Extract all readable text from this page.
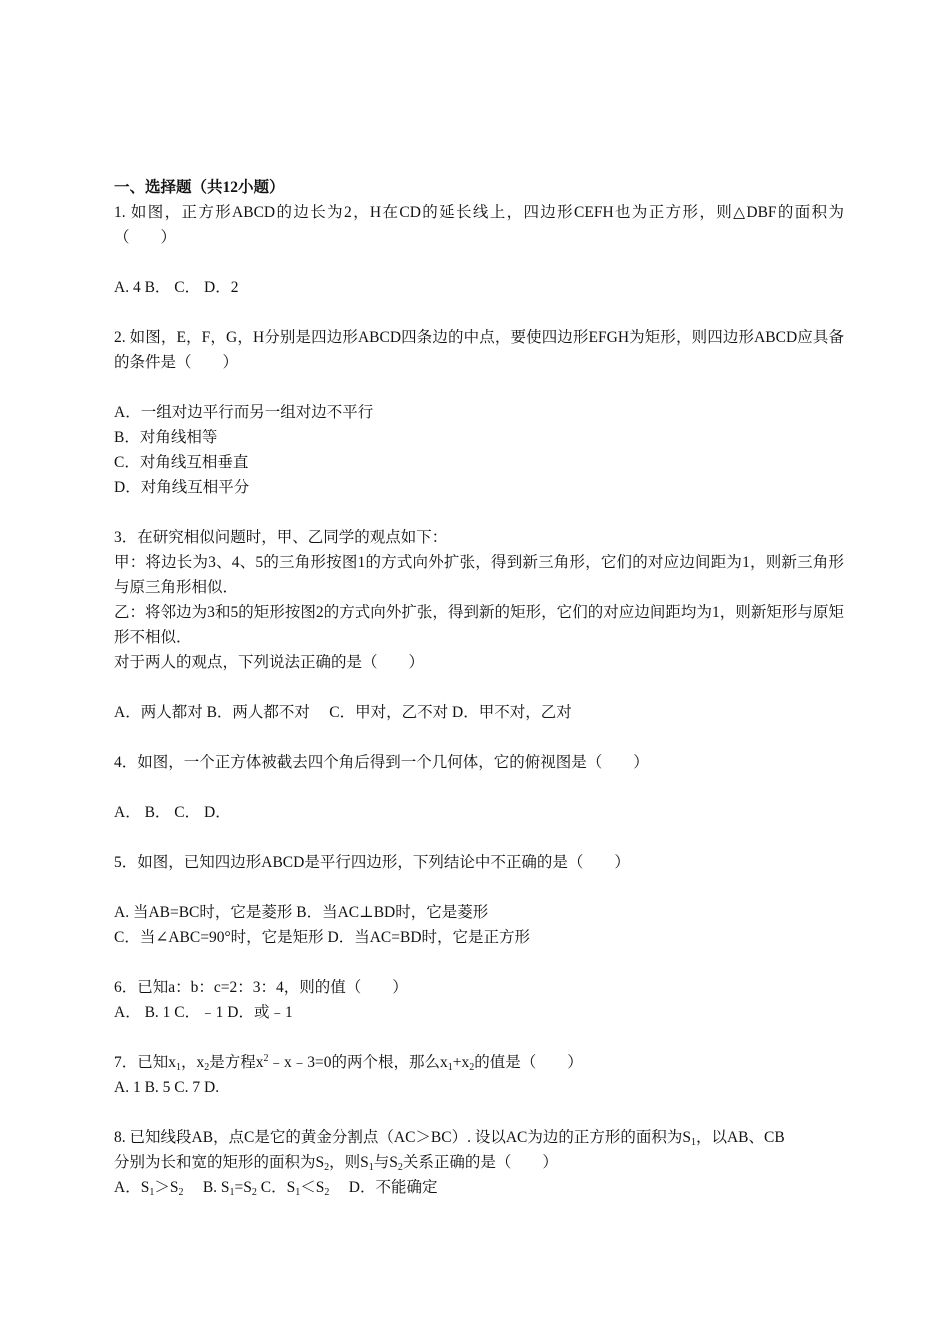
一、选择题（共12小题）

1. 如图，正方形ABCD的边长为2，H在CD的延长线上，四边形CEFH也为正方形，则△DBF的面积为（　　）

A. 4 B． C． D．2

2. 如图，E，F，G，H分别是四边形ABCD四条边的中点，要使四边形EFGH为矩形，则四边形ABCD应具备的条件是（　　）

A．一组对边平行而另一组对边不平行

B．对角线相等

C．对角线互相垂直

D．对角线互相平分

3．在研究相似问题时，甲、乙同学的观点如下：

甲：将边长为3、4、5的三角形按图1的方式向外扩张，得到新三角形，它们的对应边间距为1，则新三角形与原三角形相似．

乙：将邻边为3和5的矩形按图2的方式向外扩张，得到新的矩形，它们的对应边间距均为1，则新矩形与原矩形不相似．

对于两人的观点，下列说法正确的是（　　）

A．两人都对 B．两人都不对　 C．甲对，乙不对 D．甲不对，乙对

4．如图，一个正方体被截去四个角后得到一个几何体，它的俯视图是（　　）

A． B． C． D．

5．如图，已知四边形ABCD是平行四边形，下列结论中不正确的是（　　）

A. 当AB=BC时，它是菱形 B．当AC⊥BD时，它是菱形

C．当∠ABC=90°时，它是矩形 D．当AC=BD时，它是正方形

6．已知a：b：c=2：3：4，则的值（　　）

A． B. 1 C．﹣1 D．或﹣1

7．已知$x_1$，$x_2$是方程$x^2﹣x﹣3=0$的两个根，那么$x_1+x_2$的值是（　　）

A. 1 B. 5 C. 7 D.

8. 已知线段AB，点C是它的黄金分割点（AC＞BC）. 设以AC为边的正方形的面积为$S_1$，以AB、CB

分别为长和宽的矩形的面积为$S_2$，则$S_1$与$S_2$关系正确的是（　　）

A．$S_1>S_2$　 B. $S_1=S_2$ C．$S_1<S_2$　 D．不能确定
